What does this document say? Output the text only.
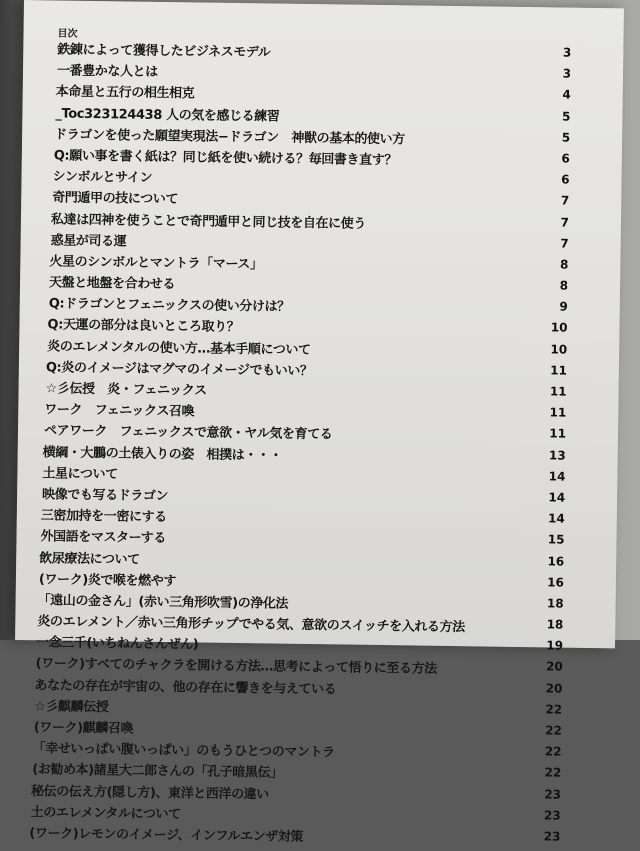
目次
鉄錬によって獲得したビジネスモデル	3
一番豊かな人とは	3
本命星と五行の相生相克	4
_Toc323124438 人の気を感じる練習	5
ドラゴンを使った願望実現法−ドラゴン　神獣の基本的使い方	5
Q:願い事を書く紙は？同じ紙を使い続ける？毎回書き直す？	6
シンボルとサイン	6
奇門遁甲の技について	7
私達は四神を使うことで奇門遁甲と同じ技を自在に使う	7
惑星が司る運	7
火星のシンボルとマントラ「マース」	8
天盤と地盤を合わせる	8
Q:ドラゴンとフェニックスの使い分けは？	9
Q:天運の部分は良いところ取り？	10
炎のエレメンタルの使い方…基本手順について	10
Q:炎のイメージはマグマのイメージでもいい？	11
☆彡伝授　炎・フェニックス	11
ワーク　フェニックス召喚	11
ペアワーク　フェニックスで意欲・ヤル気を育てる	11
横綱・大鵬の土俵入りの姿　相撲は・・・	13
土星について	14
映像でも写るドラゴン	14
三密加持を一密にする	14
外国語をマスターする	15
飲尿療法について	16
(ワーク)炎で喉を燃やす	16
「遠山の金さん」(赤い三角形吹雪)の浄化法	18
炎のエレメント／赤い三角形チップでやる気、意欲のスイッチを入れる方法	18
一念三千(いちねんさんぜん)	19
(ワーク)すべてのチャクラを開ける方法…思考によって悟りに至る方法	20
あなたの存在が宇宙の、他の存在に響きを与えている	20
☆彡麒麟伝授	22
(ワーク)麒麟召喚	22
「幸せいっぱい腹いっぱい」のもうひとつのマントラ	22
(お勧め本)諸星大二郎さんの「孔子暗黒伝」	22
秘伝の伝え方(隠し方)、東洋と西洋の違い	23
土のエレメンタルについて	23
(ワーク)レモンのイメージ、インフルエンザ対策	23
